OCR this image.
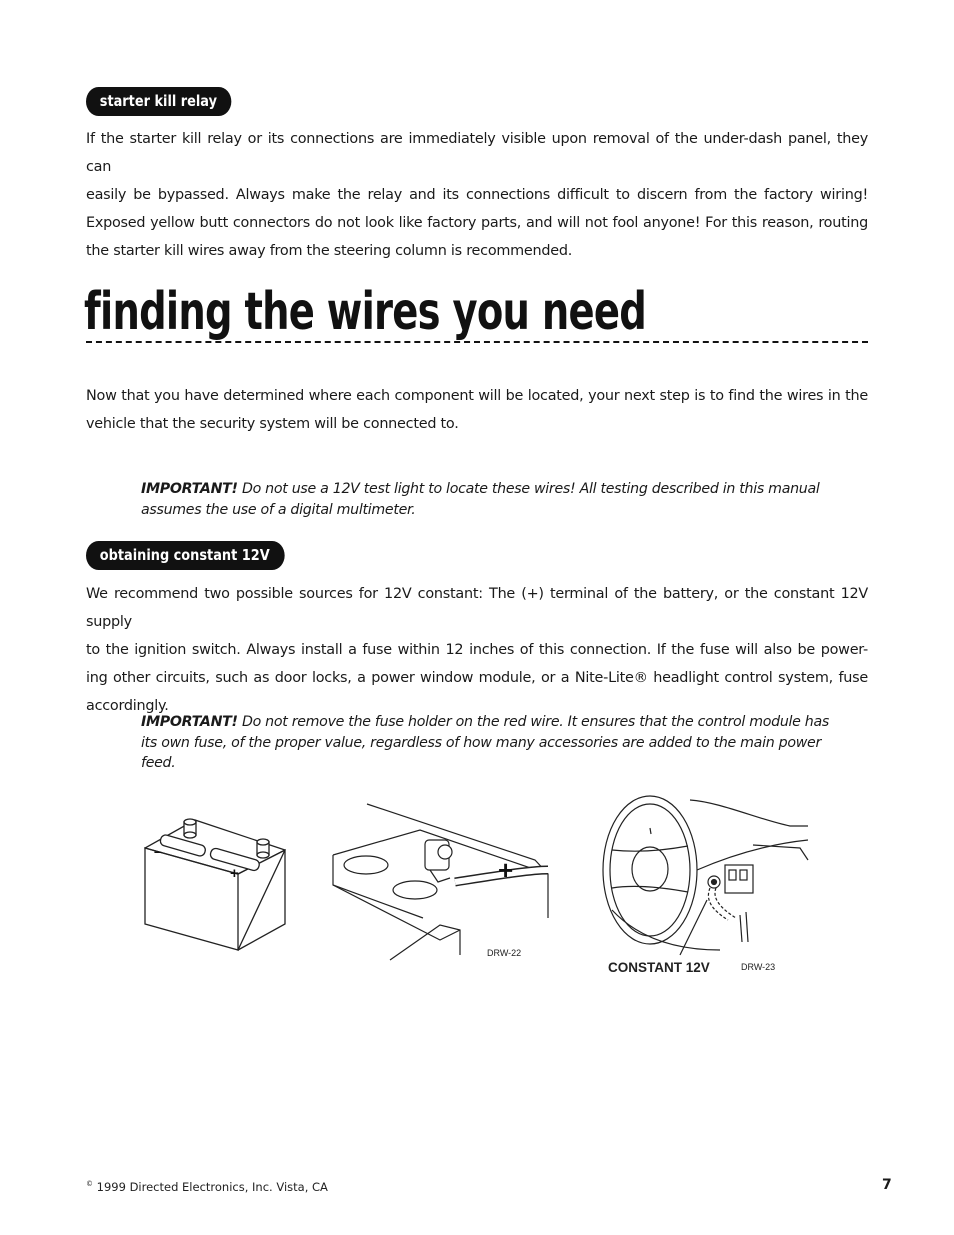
starter kill relay
If the starter kill relay or its connections are immediately visible upon removal of the under-dash panel, they can
easily be bypassed. Always make the relay and its connections difficult to discern from the factory wiring!
Exposed yellow butt connectors do not look like factory parts, and will not fool anyone! For this reason, routing
the starter kill wires away from the steering column is recommended.
finding the wires you need
Now that you have determined where each component will be located, your next step is to find the wires in the
vehicle that the security system will be connected to.
IMPORTANT! Do not use a 12V test light to locate these wires! All testing described in this manual
assumes the use of a digital multimeter.
obtaining constant 12V
We recommend two possible sources for 12V constant: The (+) terminal of the battery, or the constant 12V supply
to the ignition switch. Always install a fuse within 12 inches of this connection. If the fuse will also be power-
ing other circuits, such as door locks, a power window module, or a Nite-Lite® headlight control system, fuse
accordingly.
IMPORTANT! Do not remove the fuse holder on the red wire. It ensures that the control module has
its own fuse, of the proper value, regardless of how many accessories are added to the main power
feed.
–
+
DRW-22
+
CONSTANT 12V	DRW-23
© 1999 Directed Electronics, Inc. Vista, CA	7
